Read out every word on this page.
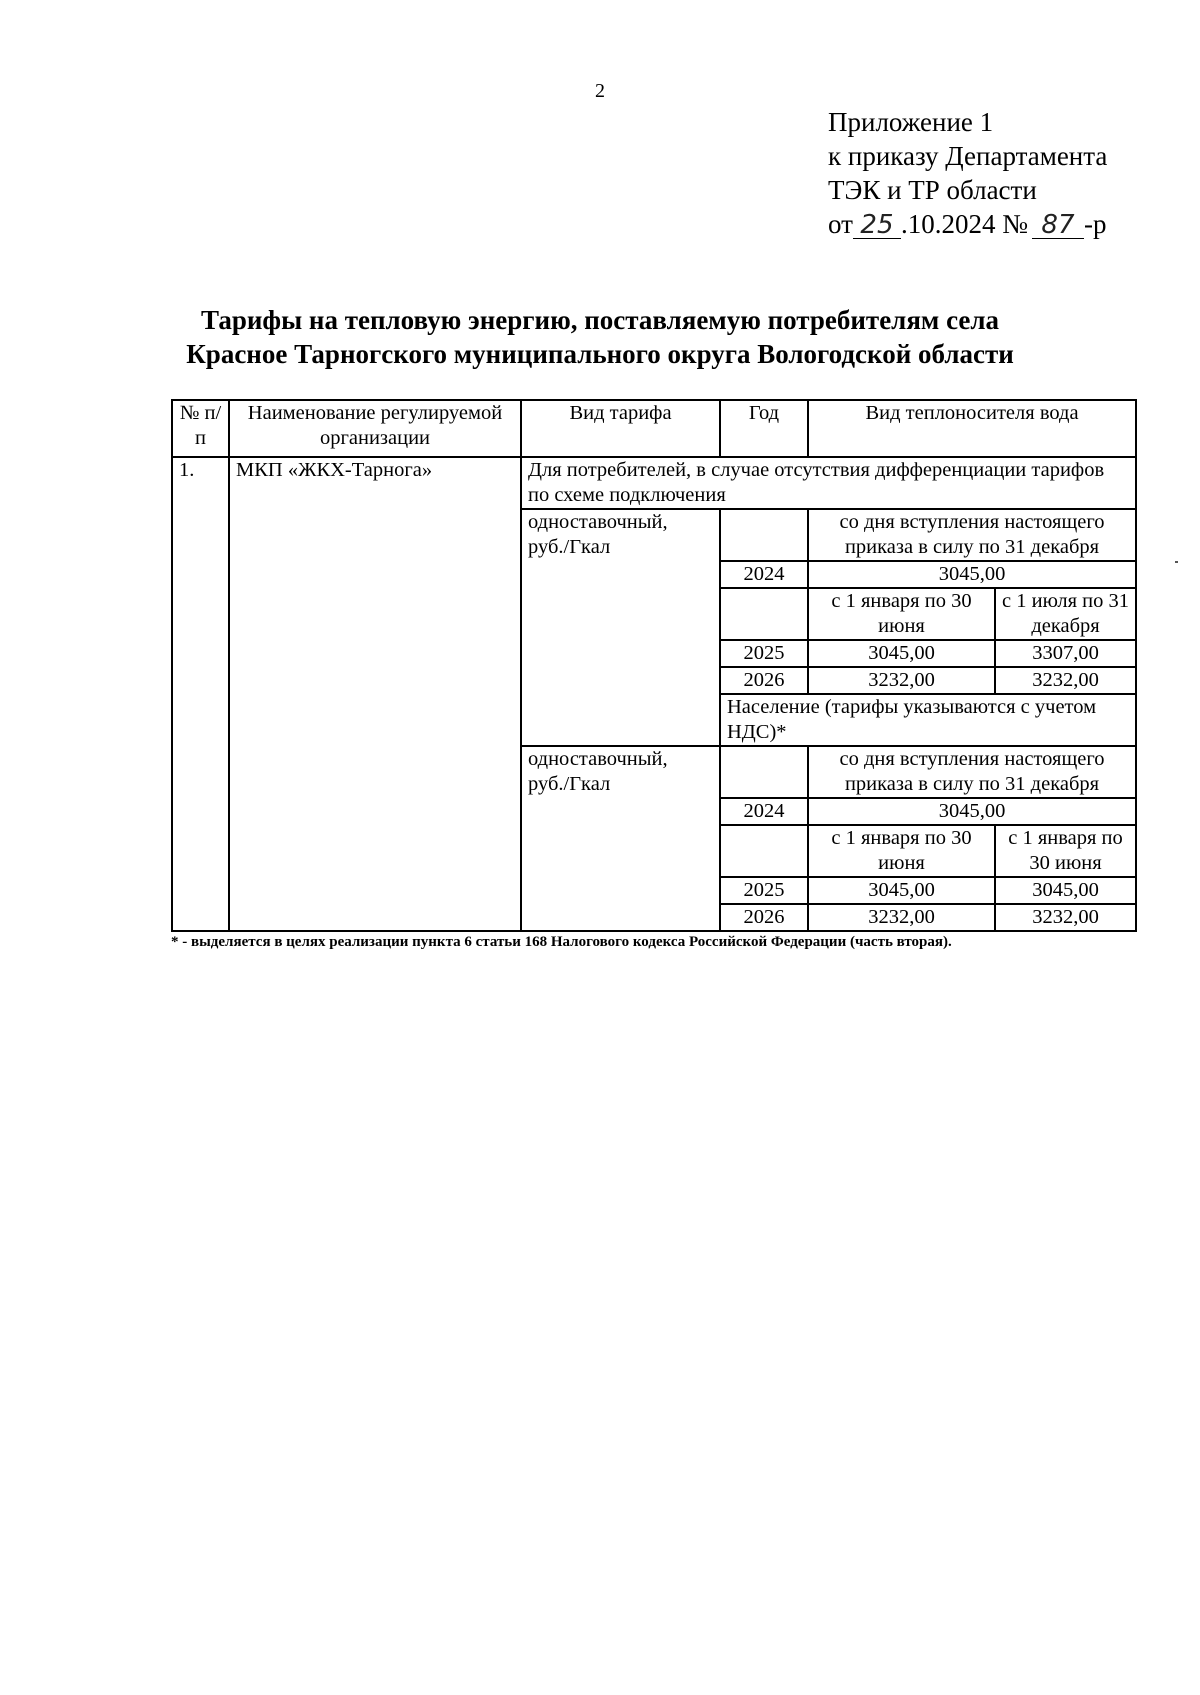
2
Приложение 1
к приказу Департамента
ТЭК и ТР области
от 25 .10.2024 № 87 -р
Тарифы на тепловую энергию, поставляемую потребителям села
Красное Тарногского муниципального округа Вологодской области
№ п/п	Наименование регулируемой организации	Вид тарифа	Год	Вид теплоносителя вода	
1.	МКП «ЖКХ-Тарнога»	Для потребителей, в случае отсутствия дифференциации тарифов по схеме подключения			
		одноставочный, руб./Гкал		со дня вступления настоящего приказа в силу по 31 декабря	
			2024	3045,00	
				с 1 января по 30 июня	с 1 июля по 31 декабря
			2025	3045,00	3307,00
			2026	3232,00	3232,00
			Население (тарифы указываются с учетом НДС)*		
		одноставочный, руб./Гкал		со дня вступления настоящего приказа в силу по 31 декабря	
			2024	3045,00	
				с 1 января по 30 июня	с 1 января по 30 июня
			2025	3045,00	3045,00
			2026	3232,00	3232,00
* - выделяется в целях реализации пункта 6 статьи 168 Налогового кодекса Российской Федерации (часть вторая).
